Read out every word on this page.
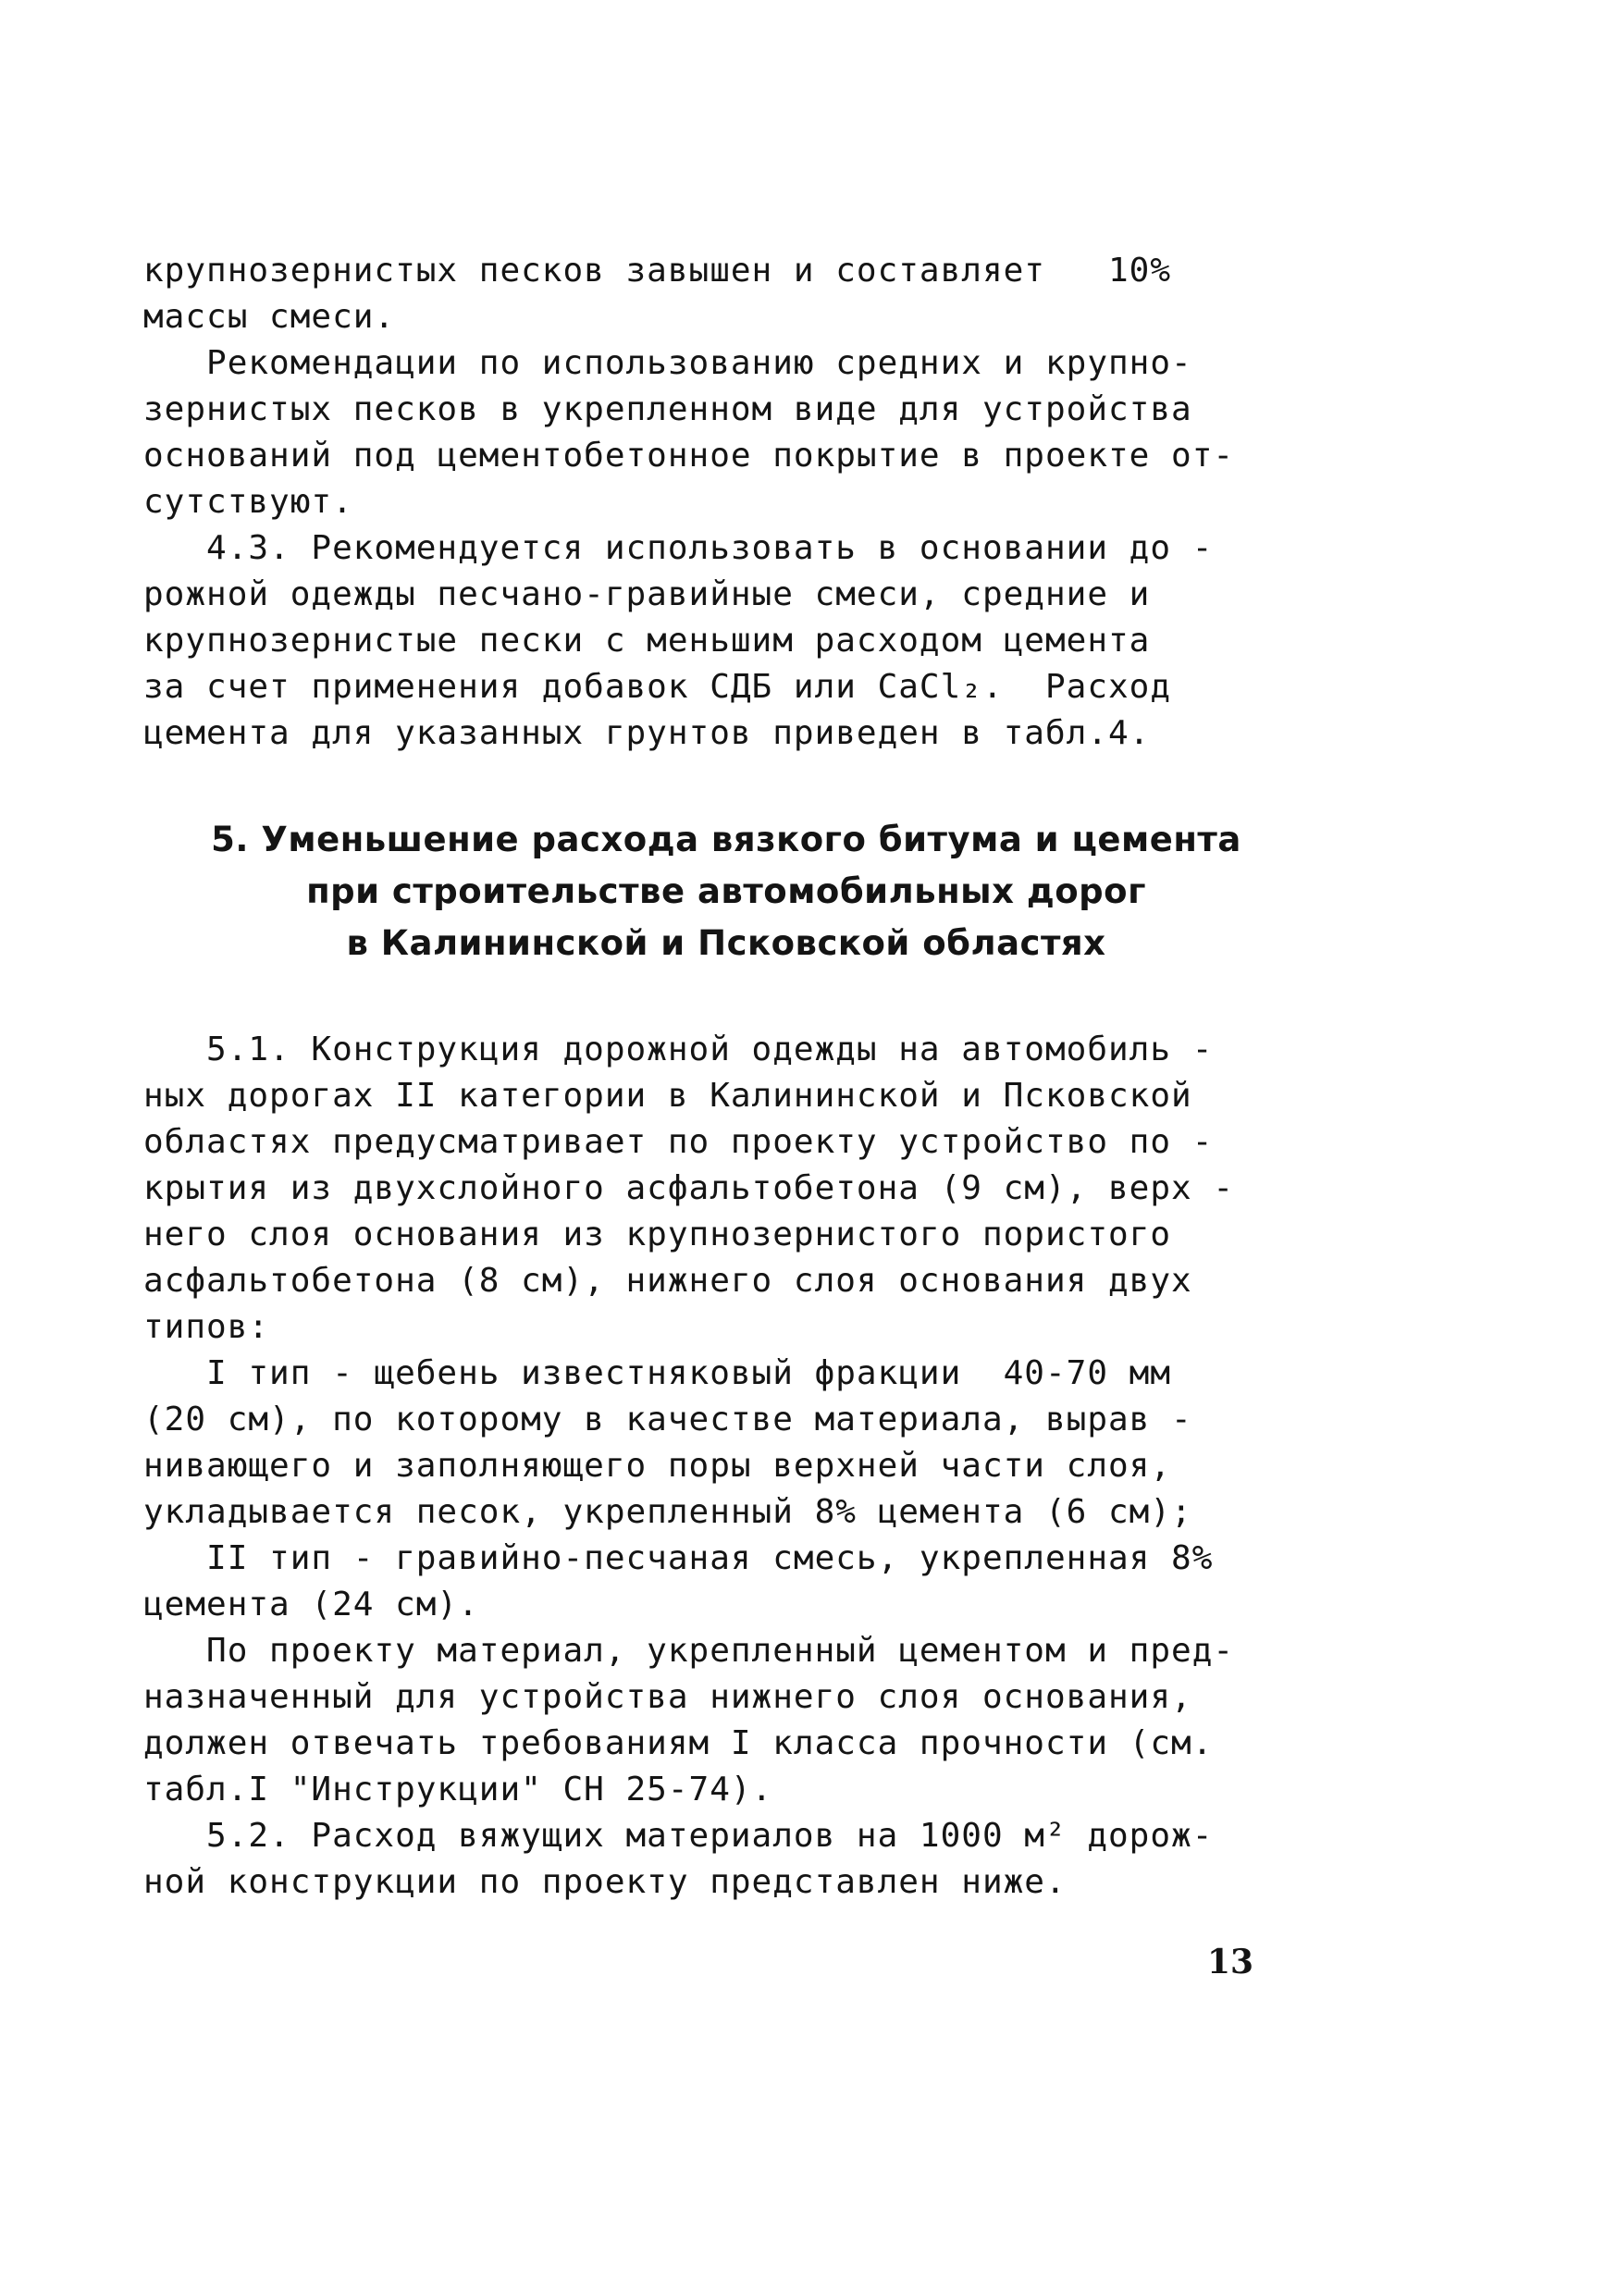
крупнозернистых песков завышен и составляет   10%
массы смеси.
Рекомендации по использованию средних и крупно-
зернистых песков в укрепленном виде для устройства
оснований под цементобетонное покрытие в проекте от-
сутствуют.
4.3. Рекомендуется использовать в основании до -
рожной одежды песчано-гравийные смеси, средние и
крупнозернистые пески с меньшим расходом цемента
за счет применения добавок СДБ или CaCl₂.  Расход
цемента для указанных грунтов приведен в табл.4.
5. Уменьшение расхода вязкого битума и цемента
при строительстве автомобильных дорог
в Калининской и Псковской областях
5.1. Конструкция дорожной одежды на автомобиль -
ных дорогах II категории в Калининской и Псковской
областях предусматривает по проекту устройство по -
крытия из двухслойного асфальтобетона (9 см), верх -
него слоя основания из крупнозернистого пористого
асфальтобетона (8 см), нижнего слоя основания двух
типов:
I тип - щебень известняковый фракции  40-70 мм
(20 см), по которому в качестве материала, вырав -
нивающего и заполняющего поры верхней части слоя,
укладывается песок, укрепленный 8% цемента (6 см);
II тип - гравийно-песчаная смесь, укрепленная 8%
цемента (24 см).
По проекту материал, укрепленный цементом и пред-
назначенный для устройства нижнего слоя основания,
должен отвечать требованиям I класса прочности (см.
табл.I "Инструкции" СН 25-74).
5.2. Расход вяжущих материалов на 1000 м² дорож-
ной конструкции по проекту представлен ниже.
13
